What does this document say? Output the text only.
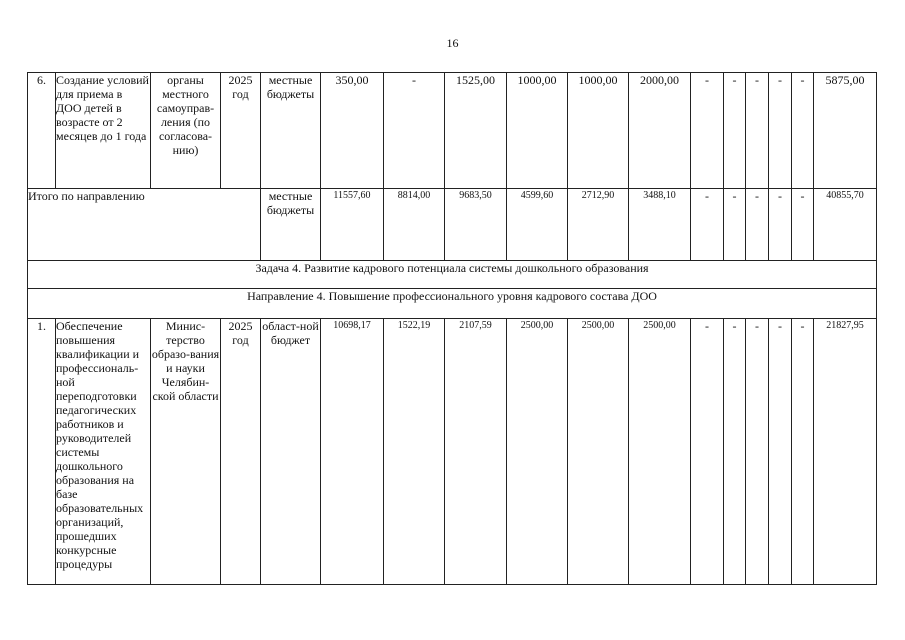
16
6.	Создание условий для приема в ДОО детей в возрасте от 2 месяцев до 1 года	органы местного самоуправ-ления (по согласова-нию)	2025 год	местные бюджеты	350,00	-	1525,00	1000,00	1000,00	2000,00	-	-	-	-	-	5875,00
Итого по направлению				местные бюджеты	11557,60	8814,00	9683,50	4599,60	2712,90	3488,10	-	-	-	-	-	40855,70
Задача 4. Развитие кадрового потенциала системы дошкольного образования																
Направление 4. Повышение профессионального уровня кадрового состава ДОО																
1.	Обеспечение повышения квалификации и профессиональ-ной переподготовки педагогических работников и руководителей системы дошкольного образования на базе образовательных организаций, прошедших конкурсные процедуры	Минис-терство образо-вания и науки Челябин-ской области	2025 год	област-ной бюджет	10698,17	1522,19	2107,59	2500,00	2500,00	2500,00	-	-	-	-	-	21827,95
